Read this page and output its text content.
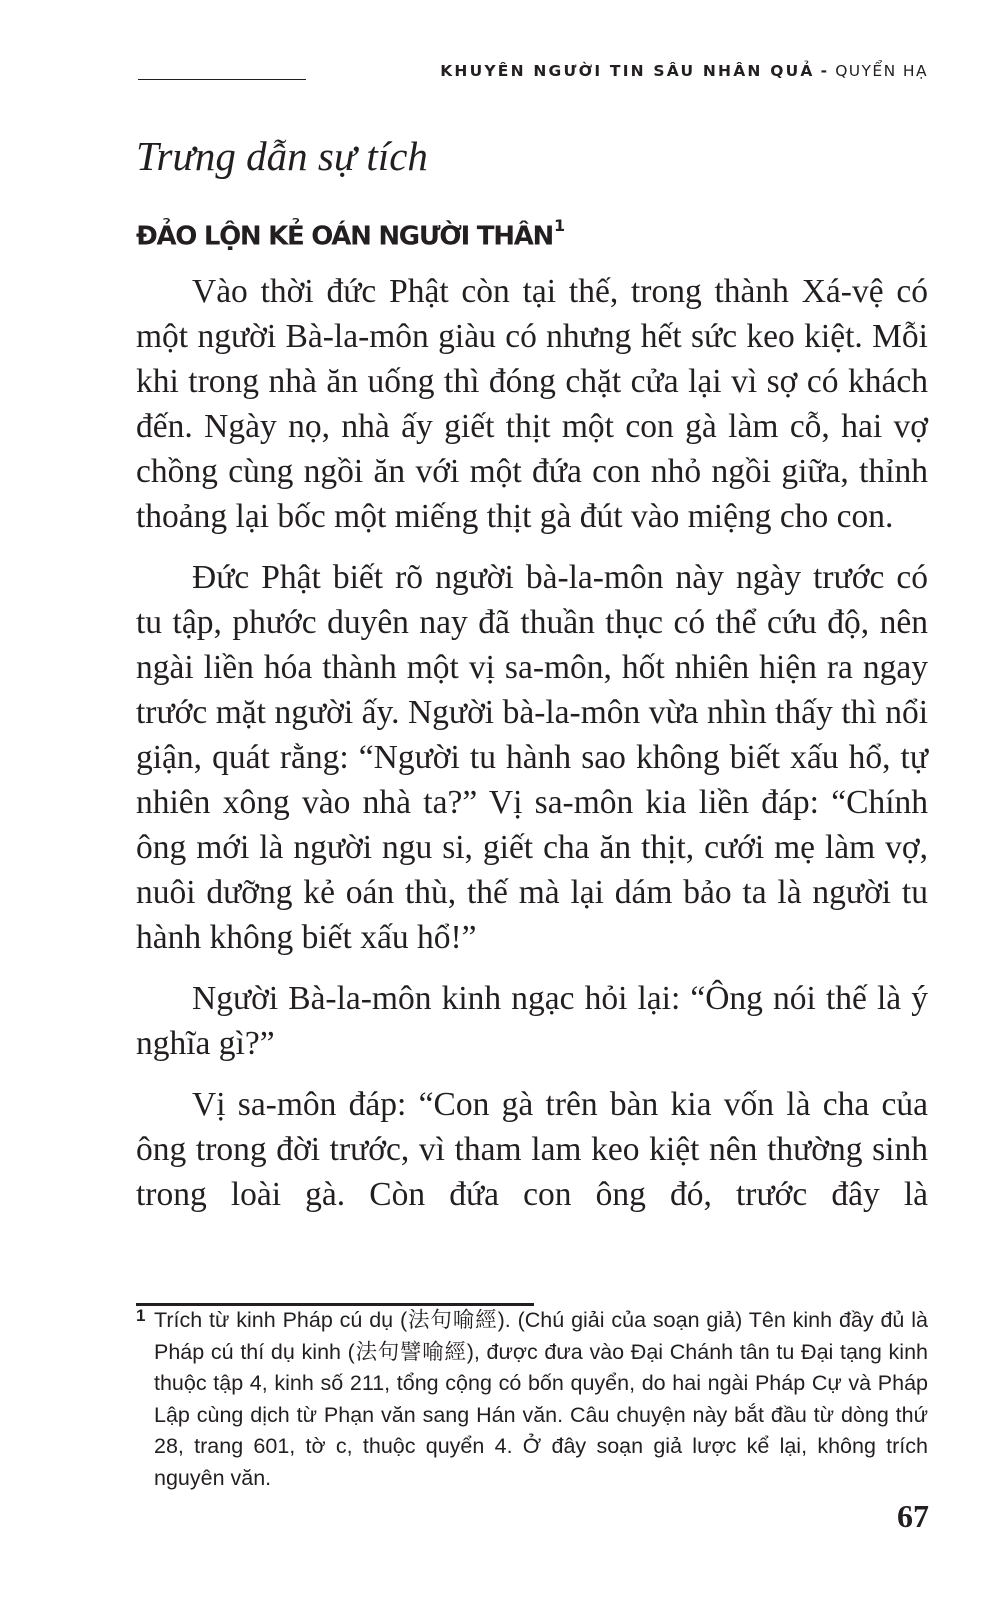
KHUYÊN NGƯỜI TIN SÂU NHÂN QUẢ - QUYỂN HẠ
Trưng dẫn sự tích
ĐẢO LỘN KẺ OÁN NGƯỜI THÂN$^1$

Vào thời đức Phật còn tại thế, trong thành Xá-vệ có một người Bà-la-môn giàu có nhưng hết sức keo kiệt. Mỗi khi trong nhà ăn uống thì đóng chặt cửa lại vì sợ có khách đến. Ngày nọ, nhà ấy giết thịt một con gà làm cỗ, hai vợ chồng cùng ngồi ăn với một đứa con nhỏ ngồi giữa, thỉnh thoảng lại bốc một miếng thịt gà đút vào miệng cho con.

Đức Phật biết rõ người bà-la-môn này ngày trước có tu tập, phước duyên nay đã thuần thục có thể cứu độ, nên ngài liền hóa thành một vị sa-môn, hốt nhiên hiện ra ngay trước mặt người ấy. Người bà-la-môn vừa nhìn thấy thì nổi giận, quát rằng: “Người tu hành sao không biết xấu hổ, tự nhiên xông vào nhà ta?” Vị sa-môn kia liền đáp: “Chính ông mới là người ngu si, giết cha ăn thịt, cưới mẹ làm vợ, nuôi dưỡng kẻ oán thù, thế mà lại dám bảo ta là người tu hành không biết xấu hổ!”

Người Bà-la-môn kinh ngạc hỏi lại: “Ông nói thế là ý nghĩa gì?”

Vị sa-môn đáp: “Con gà trên bàn kia vốn là cha của ông trong đời trước, vì tham lam keo kiệt nên thường sinh trong loài gà. Còn đứa con ông đó, trước đây là

1 Trích từ kinh Pháp cú dụ (法句喻經). (Chú giải của soạn giả) Tên kinh đầy đủ là Pháp cú thí dụ kinh (法句譬喻經), được đưa vào Đại Chánh tân tu Đại tạng kinh thuộc tập 4, kinh số 211, tổng cộng có bốn quyển, do hai ngài Pháp Cự và Pháp Lập cùng dịch từ Phạn văn sang Hán văn. Câu chuyện này bắt đầu từ dòng thứ 28, trang 601, tờ c, thuộc quyển 4. Ở đây soạn giả lược kể lại, không trích nguyên văn.
67
